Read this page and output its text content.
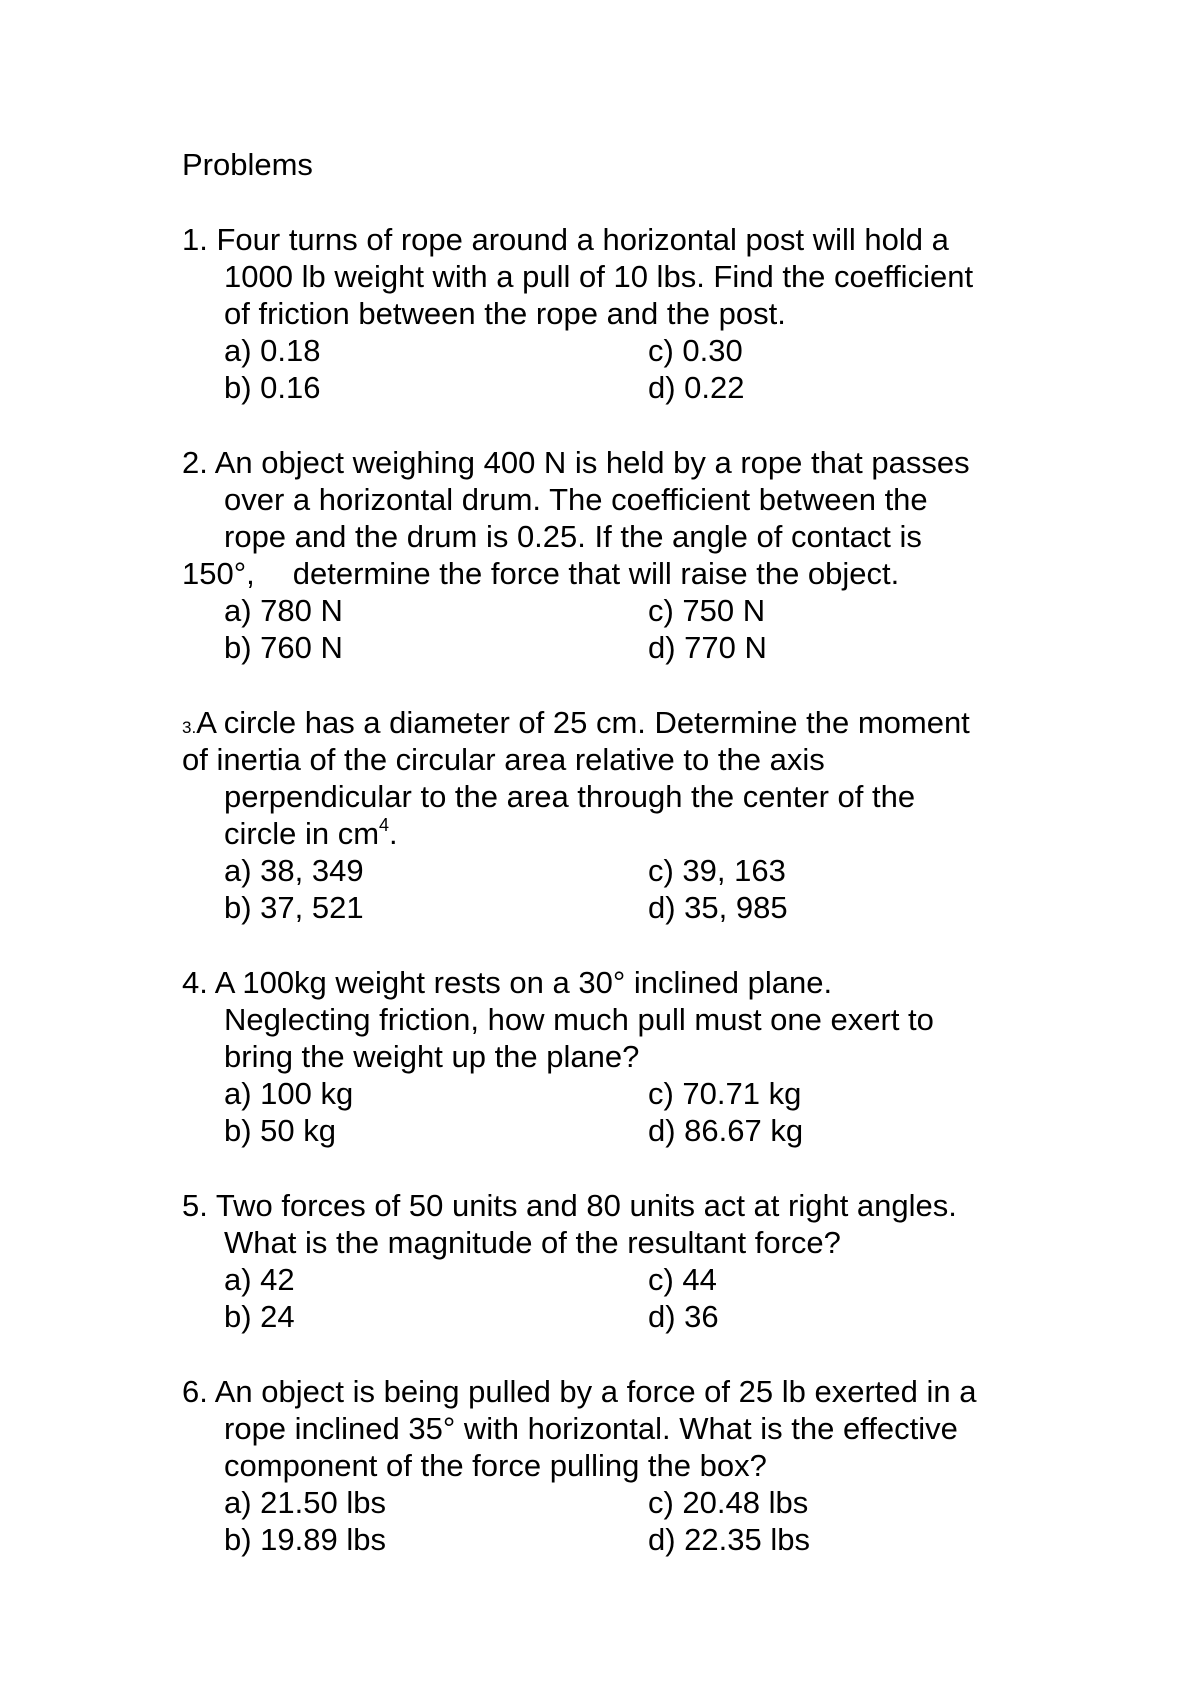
Problems
1. Four turns of rope around a horizontal post will hold a
1000 lb weight with a pull of 10 lbs. Find the coefficient
of friction between the rope and the post.
a) 0.18	c) 0.30
b) 0.16	d) 0.22
2. An object weighing 400 N is held by a rope that passes
over a horizontal drum. The coefficient between the
rope and the drum is 0.25. If the angle of contact is
150°, determine the force that will raise the object.
a) 780 N	c) 750 N
b) 760 N	d) 770 N
3.A circle has a diameter of 25 cm. Determine the moment
of inertia of the circular area relative to the axis
perpendicular to the area through the center of the
circle in $cm^4$.
a) 38, 349	c) 39, 163
b) 37, 521	d) 35, 985
4. A 100kg weight rests on a 30° inclined plane.
Neglecting friction, how much pull must one exert to
bring the weight up the plane?
a) 100 kg	c) 70.71 kg
b) 50 kg	d) 86.67 kg
5. Two forces of 50 units and 80 units act at right angles.
What is the magnitude of the resultant force?
a) 42	c) 44
b) 24	d) 36
6. An object is being pulled by a force of 25 lb exerted in a
rope inclined 35° with horizontal. What is the effective
component of the force pulling the box?
a) 21.50 lbs	c) 20.48 lbs
b) 19.89 lbs	d) 22.35 lbs
